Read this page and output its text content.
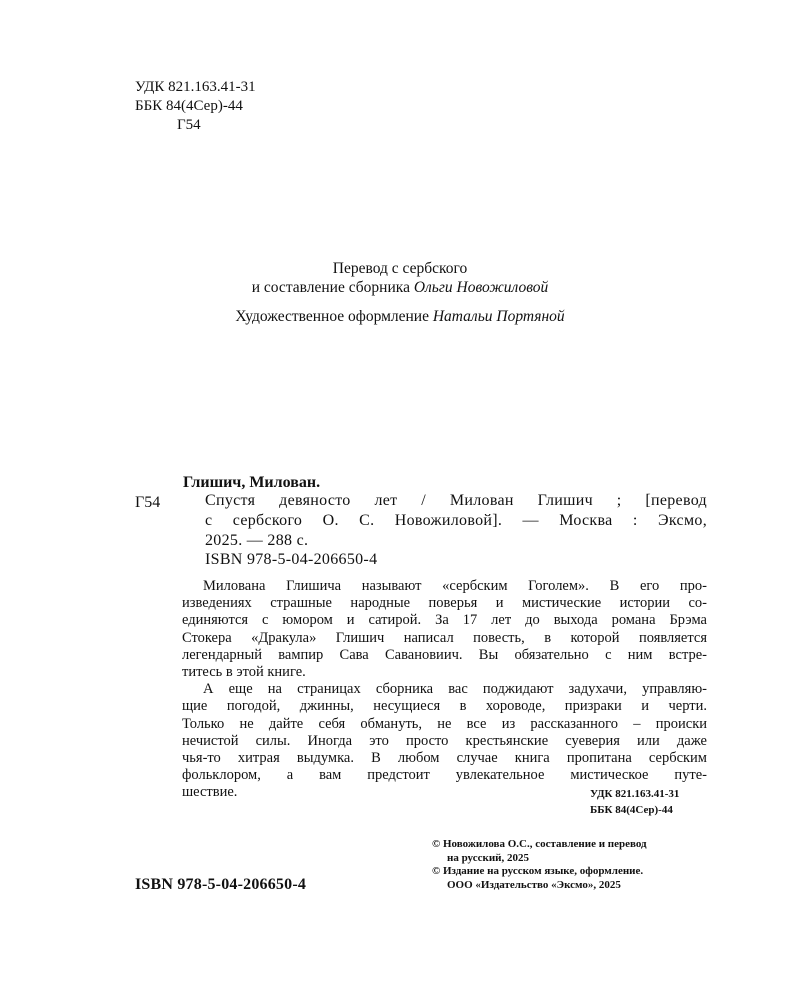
УДК 821.163.41-31
ББК 84(4Сер)-44
Г54
Перевод с сербского
и составление сборника Ольги Новожиловой
Художественное оформление Натальи Портяной
Глишич, Милован.
Г54	Спустя девяносто лет / Милован Глишич ; [перевод
с сербского О. С. Новожиловой]. — Москва : Эксмо,
2025. — 288 с.
ISBN 978-5-04-206650-4

Милована Глишича называют «сербским Гоголем». В его про-
изведениях страшные народные поверья и мистические истории со-
единяются с юмором и сатирой. За 17 лет до выхода романа Брэма
Стокера «Дракула» Глишич написал повесть, в которой появляется
легендарный вампир Сава Савановиич. Вы обязательно с ним встре-
титесь в этой книге.

А еще на страницах сборника вас поджидают задухачи, управляю-
щие погодой, джинны, несущиеся в хороводе, призраки и черти.
Только не дайте себя обмануть, не все из рассказанного – происки
нечистой силы. Иногда это просто крестьянские суеверия или даже
чья-то хитрая выдумка. В любом случае книга пропитана сербским
фольклором, а вам предстоит увлекательное мистическое путе-
шествие.	УДК 821.163.41-31
ББК 84(4Сер)-44
ISBN 978-5-04-206650-4
© Новожилова О.С., составление и перевод
на русский, 2025
© Издание на русском языке, оформление.
ООО «Издательство «Эксмо», 2025
